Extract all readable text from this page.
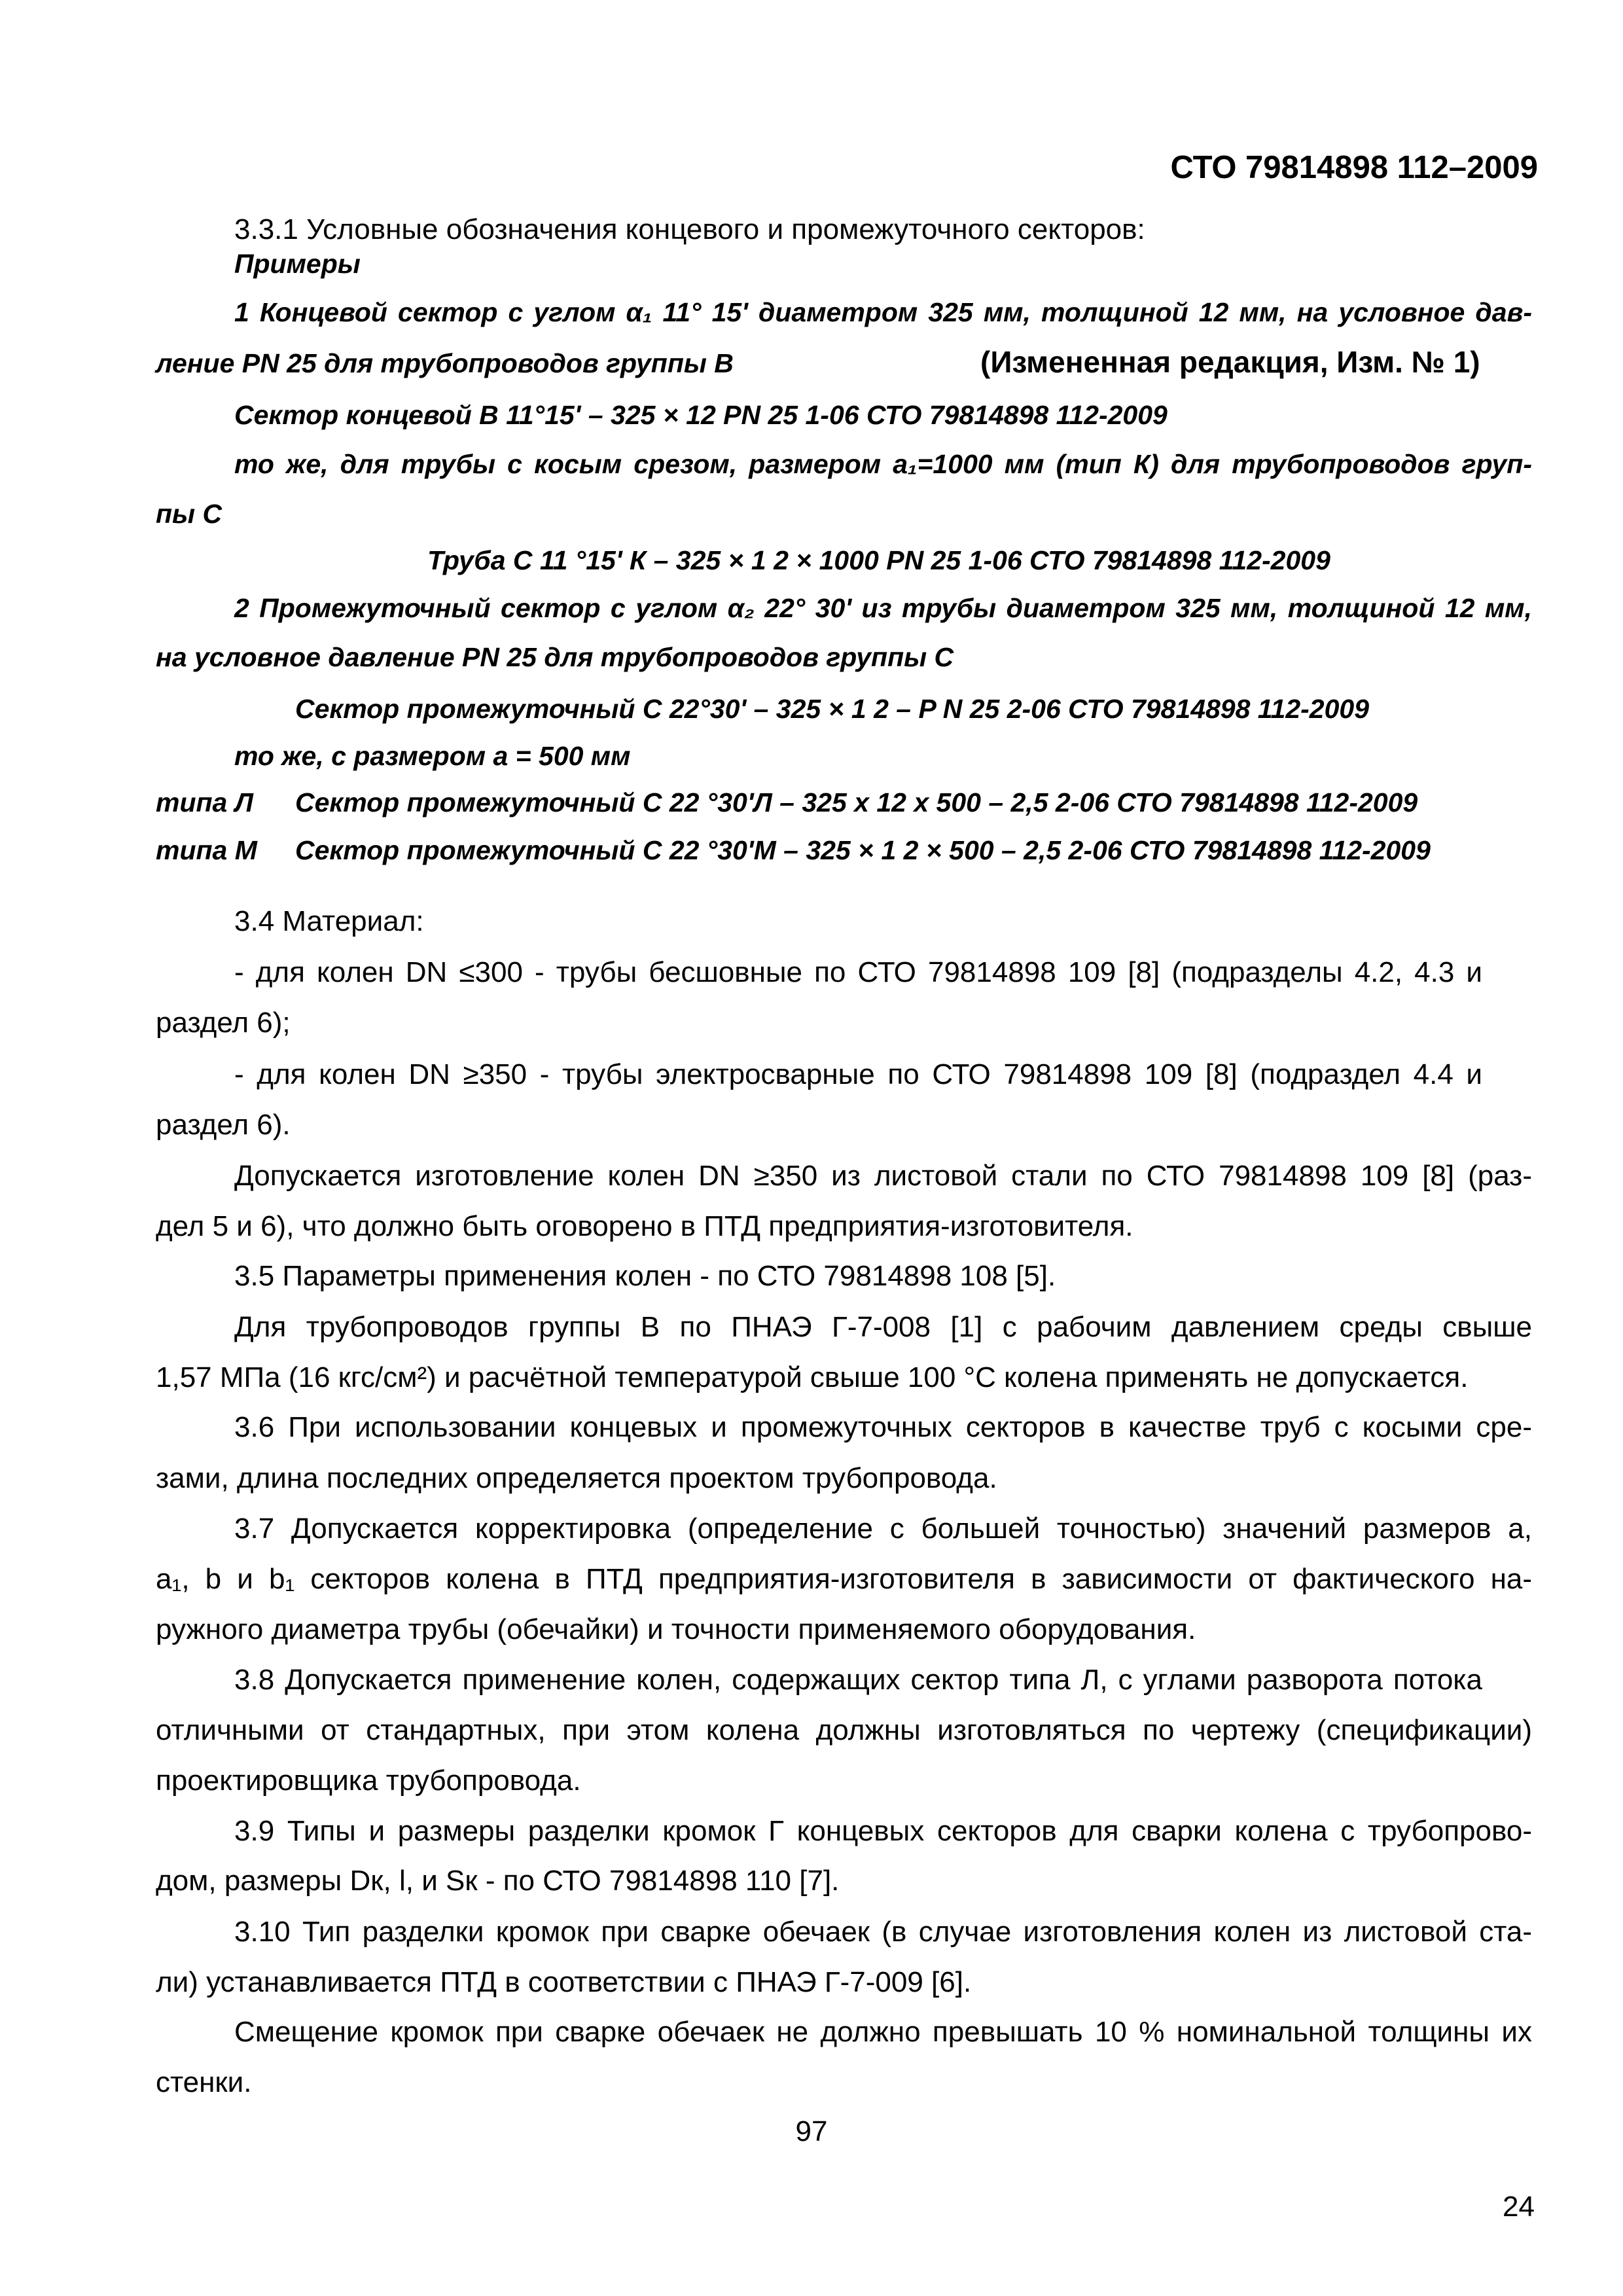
СТО 79814898 112–2009
3.3.1 Условные обозначения концевого и промежуточного секторов:
Примеры
1 Концевой сектор с углом α₁ 11° 15' диаметром 325 мм, толщиной 12 мм, на условное дав-
ление PN 25 для трубопроводов группы В	(Измененная редакция, Изм. № 1)
Сектор концевой В 11°15' – 325 × 12 PN 25 1-06 СТО 79814898 112-2009
то же, для трубы с косым срезом, размером а₁=1000 мм (тип К) для трубопроводов груп-
пы С
Труба С 11 °15' К – 325 × 1 2 × 1000 PN 25 1-06 СТО 79814898 112-2009
2 Промежуточный сектор с углом α₂ 22° 30' из трубы диаметром 325 мм, толщиной 12 мм,
на условное давление PN 25 для трубопроводов группы С
Сектор промежуточный С 22°30' – 325 × 1 2 – P N 25 2-06 СТО 79814898 112-2009
то же, с размером а = 500 мм
типа Л Сектор промежуточный С 22 °30'Л – 325 х 12 х 500 – 2,5 2-06 СТО 79814898 112-2009
типа М Сектор промежуточный С 22 °30'М – 325 × 1 2 × 500 – 2,5 2-06 СТО 79814898 112-2009
3.4 Материал:
- для колен DN ≤300 - трубы бесшовные по СТО 79814898 109 [8] (подразделы 4.2, 4.3 и
раздел 6);
- для колен DN ≥350 - трубы электросварные по СТО 79814898 109 [8] (подраздел 4.4 и
раздел 6).
Допускается изготовление колен DN ≥350 из листовой стали по СТО 79814898 109 [8] (раз-
дел 5 и 6), что должно быть оговорено в ПТД предприятия-изготовителя.
3.5 Параметры применения колен - по СТО 79814898 108 [5].
Для трубопроводов группы В по ПНАЭ Г-7-008 [1] с рабочим давлением среды свыше
1,57 МПа (16 кгс/см²) и расчётной температурой свыше 100 °С колена применять не допускается.
3.6 При использовании концевых и промежуточных секторов в качестве труб с косыми сре-
зами, длина последних определяется проектом трубопровода.
3.7 Допускается корректировка (определение с большей точностью) значений размеров а,
а₁, b и b₁ секторов колена в ПТД предприятия-изготовителя в зависимости от фактического на-
ружного диаметра трубы (обечайки) и точности применяемого оборудования.
3.8 Допускается применение колен, содержащих сектор типа Л, с углами разворота потока
отличными от стандартных, при этом колена должны изготовляться по чертежу (спецификации)
проектировщика трубопровода.
3.9 Типы и размеры разделки кромок Г концевых секторов для сварки колена с трубопрово-
дом, размеры Dк, l, и Sк - по СТО 79814898 110 [7].
3.10 Тип разделки кромок при сварке обечаек (в случае изготовления колен из листовой ста-
ли) устанавливается ПТД в соответствии с ПНАЭ Г-7-009 [6].
Смещение кромок при сварке обечаек не должно превышать 10 % номинальной толщины их
стенки.
97
24
